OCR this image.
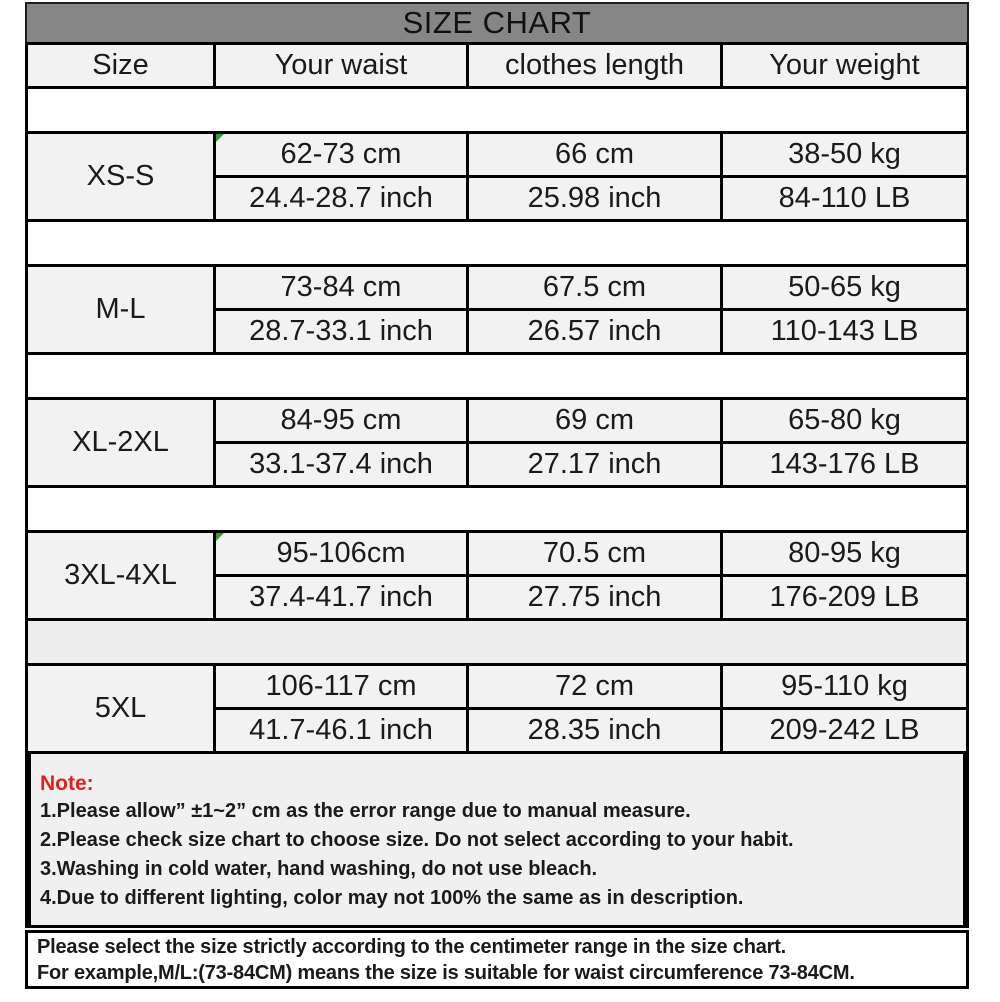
SIZE CHART
Size	Your waist	clothes length	Your weight
XS-S
62-73 cm	66 cm	38-50 kg
24.4-28.7 inch	25.98 inch	84-110 LB
M-L
73-84 cm	67.5 cm	50-65 kg
28.7-33.1 inch	26.57 inch	110-143 LB
XL-2XL
84-95 cm	69 cm	65-80 kg
33.1-37.4 inch	27.17 inch	143-176 LB
3XL-4XL
95-106cm	70.5 cm	80-95 kg
37.4-41.7 inch	27.75 inch	176-209 LB
5XL
106-117 cm	72 cm	95-110 kg
41.7-46.1 inch	28.35 inch	209-242 LB
Note:
1.Please allow” ±1~2” cm as the error range due to manual measure.
2.Please check size chart to choose size. Do not select according to your habit.
3.Washing in cold water, hand washing, do not use bleach.
4.Due to different lighting, color may not 100% the same as in description.
Please select the size strictly according to the centimeter range in the size chart.
For example,M/L:(73-84CM) means the size is suitable for waist circumference 73-84CM.
